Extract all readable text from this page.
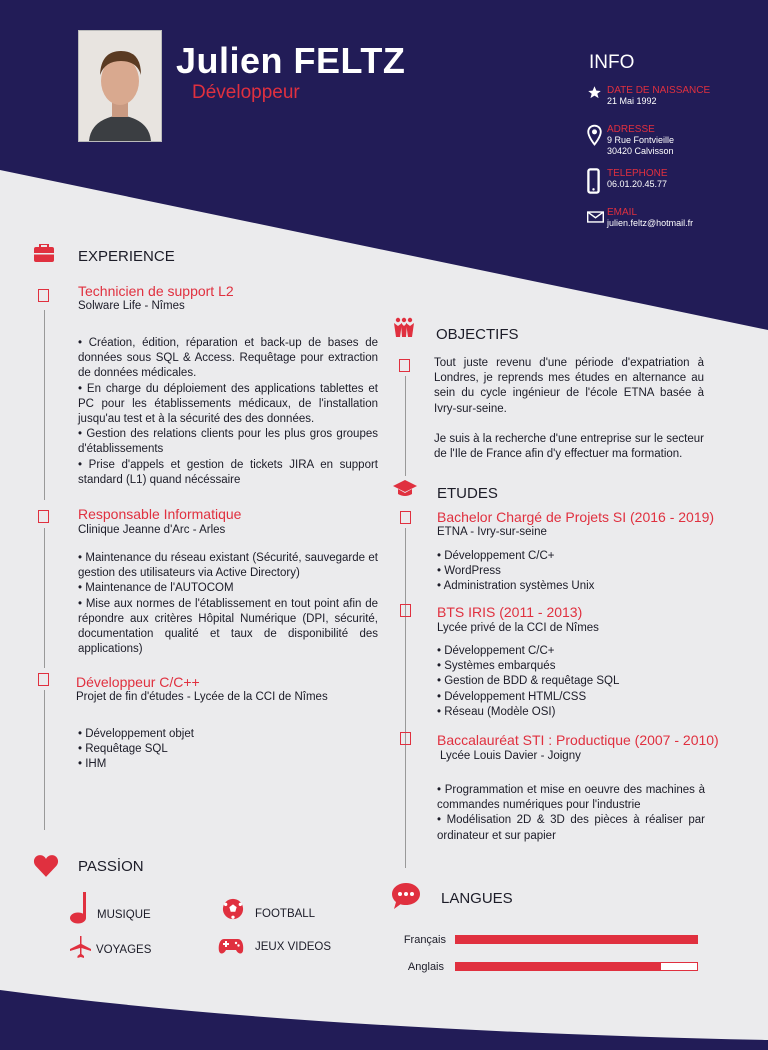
Julien FELTZ
Développeur
INFO
DATE DE NAISSANCE
21 Mai 1992
ADRESSE
9 Rue Fontvieille
30420 Calvisson
TELEPHONE
06.01.20.45.77
EMAIL
julien.feltz@hotmail.fr
EXPERIENCE
Technicien de support L2
Solware Life - Nîmes
• Création, édition, réparation et back-up de bases de données sous SQL & Access. Requêtage pour extraction de données médicales.
• En charge du déploiement des applications tablettes et PC pour les établissements médicaux, de l'installation jusqu'au test et à la sécurité des des données.
• Gestion des relations clients pour les plus gros groupes d'établissements
• Prise d'appels et gestion de tickets JIRA en support standard (L1) quand nécéssaire
Responsable Informatique
Clinique Jeanne d'Arc - Arles
• Maintenance du réseau existant (Sécurité, sauvegarde et gestion des utilisateurs via Active Directory)
• Maintenance de l'AUTOCOM
• Mise aux normes de l'établissement en tout point afin de répondre aux critères Hôpital Numérique (DPI, sécurité, documentation qualité et taux de disponibilité des applications)
Développeur C/C++
Projet de fin d'études - Lycée de la CCI de Nîmes
• Développement objet
• Requêtage SQL
• IHM
OBJECTIFS
Tout juste revenu d'une période d'expatriation à Londres, je reprends mes études en alternance au sein du cycle ingénieur de l'école ETNA basée à Ivry-sur-seine.
Je suis à la recherche d'une entreprise sur le secteur de l'Ile de France afin d'y effectuer ma formation.
ETUDES
Bachelor Chargé de Projets SI (2016 - 2019)
ETNA - Ivry-sur-seine
• Développement C/C+
• WordPress
• Administration systèmes Unix
BTS IRIS (2011 - 2013)
Lycée privé de la CCI de Nîmes
• Développement C/C+
• Systèmes embarqués
• Gestion de BDD & requêtage SQL
• Développement HTML/CSS
• Réseau (Modèle OSI)
Baccalauréat STI : Productique (2007 - 2010)
Lycée Louis Davier - Joigny
• Programmation et mise en oeuvre des machines à commandes numériques pour l'industrie
• Modélisation 2D & 3D des pièces à réaliser par ordinateur et sur papier
PASSİON
MUSIQUE	FOOTBALL
VOYAGES	JEUX VIDEOS
LANGUES
Français
Anglais
